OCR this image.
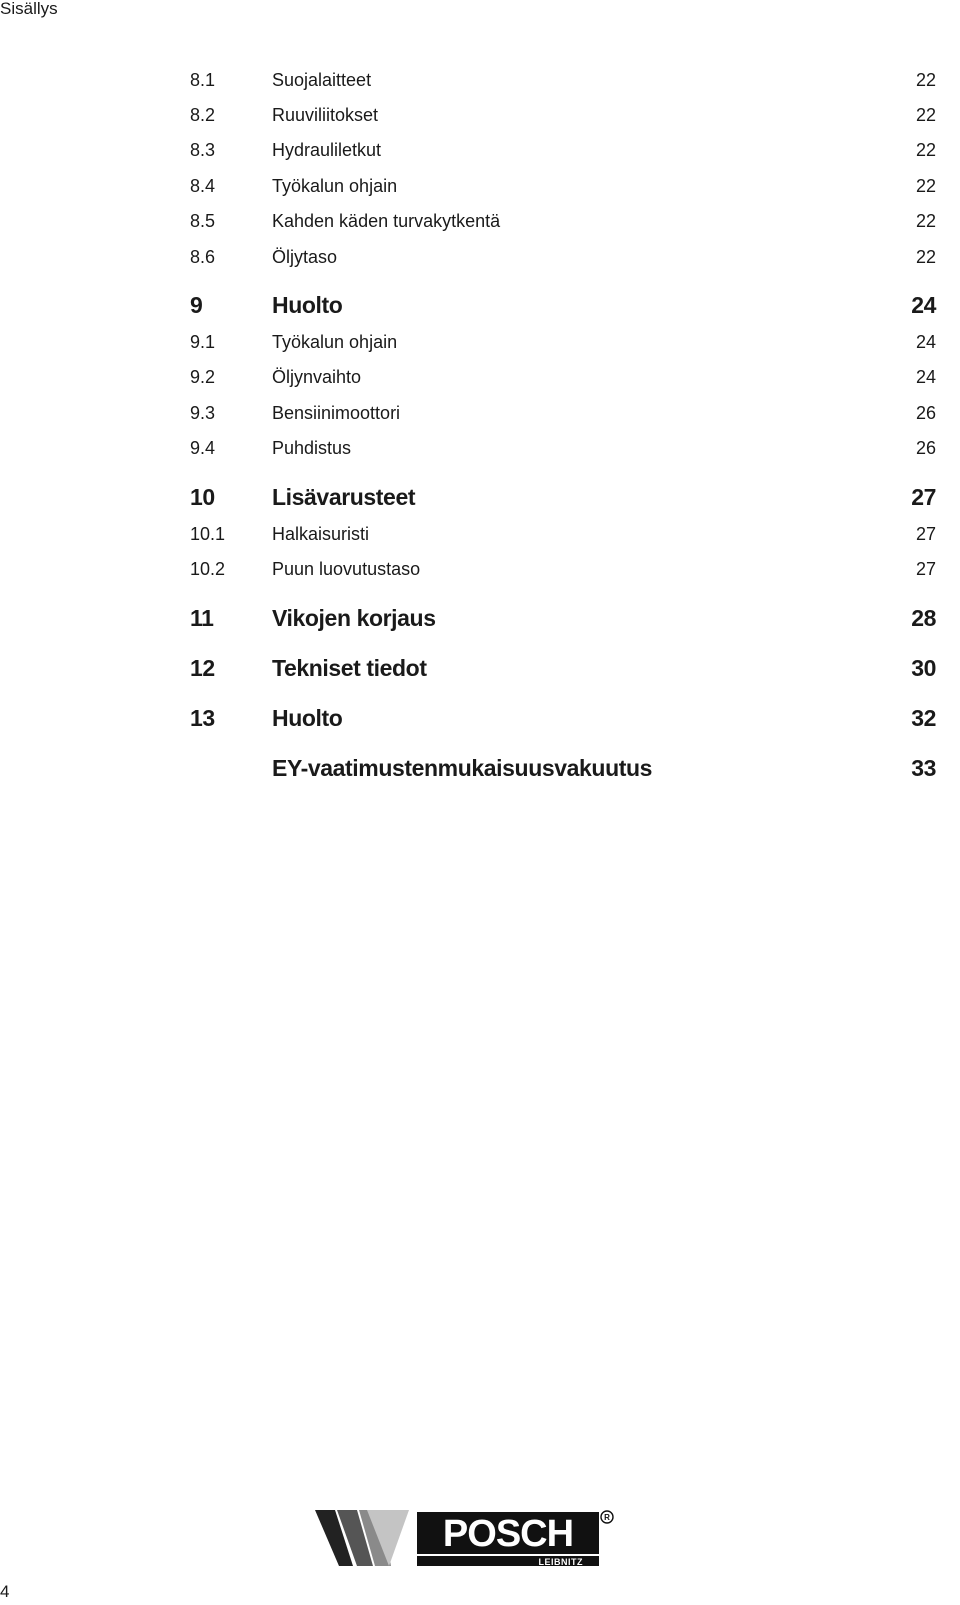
Sisällys
8.1	Suojalaitteet	22
8.2	Ruuviliitokset	22
8.3	Hydrauliletkut	22
8.4	Työkalun ohjain	22
8.5	Kahden käden turvakytkentä	22
8.6	Öljytaso	22
9	Huolto	24
9.1	Työkalun ohjain	24
9.2	Öljynvaihto	24
9.3	Bensiinimoottori	26
9.4	Puhdistus	26
10 Lisävarusteet	27
10.1	Halkaisuristi	27
10.2	Puun luovutustaso	27
11	Vikojen korjaus	28
12 Tekniset tiedot	30
13 Huolto	32
EY-vaatimustenmukaisuusvakuutus	33
4
POSCH
LEIBNITZ
R
